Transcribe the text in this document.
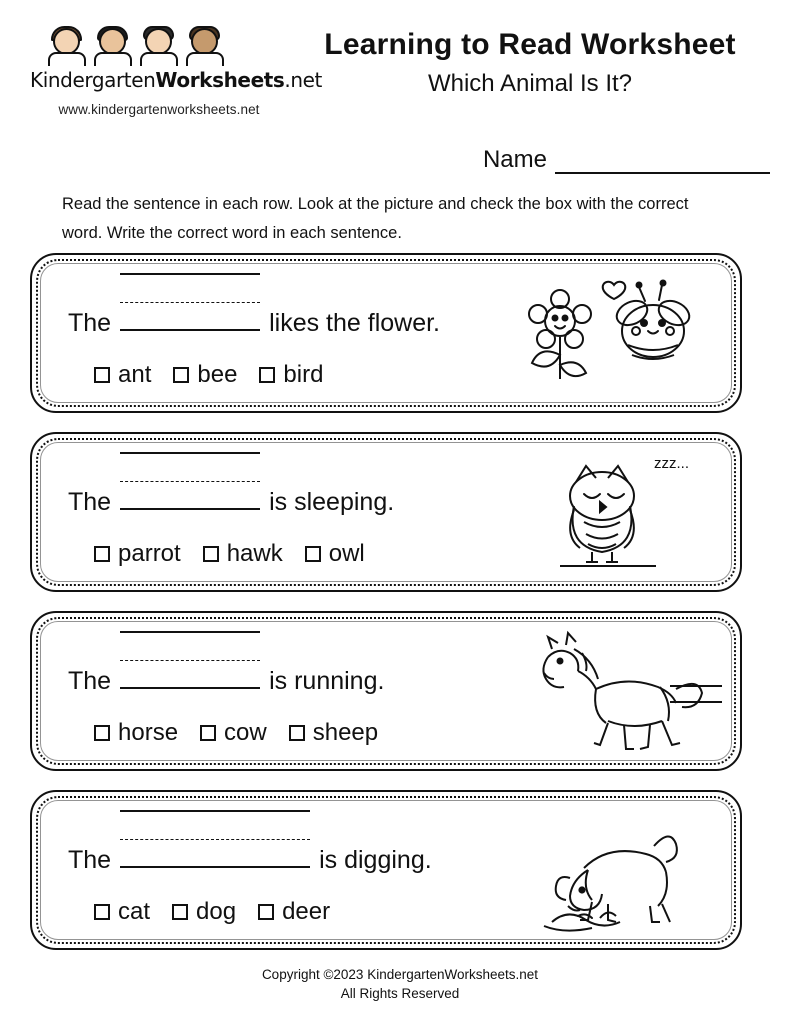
KindergartenWorksheets.net
www.kindergartenworksheets.net
Learning to Read Worksheet
Which Animal Is It?
Name
Read the sentence in each row. Look at the picture and check the box with the correct word. Write the correct word in each sentence.
The	likes the flower.
ant bee bird
The	is sleeping.
parrot hawk owl
zzz...
The	is running.
horse cow sheep
The	is digging.
cat dog deer
Copyright ©2023 KindergartenWorksheets.net
All Rights Reserved
